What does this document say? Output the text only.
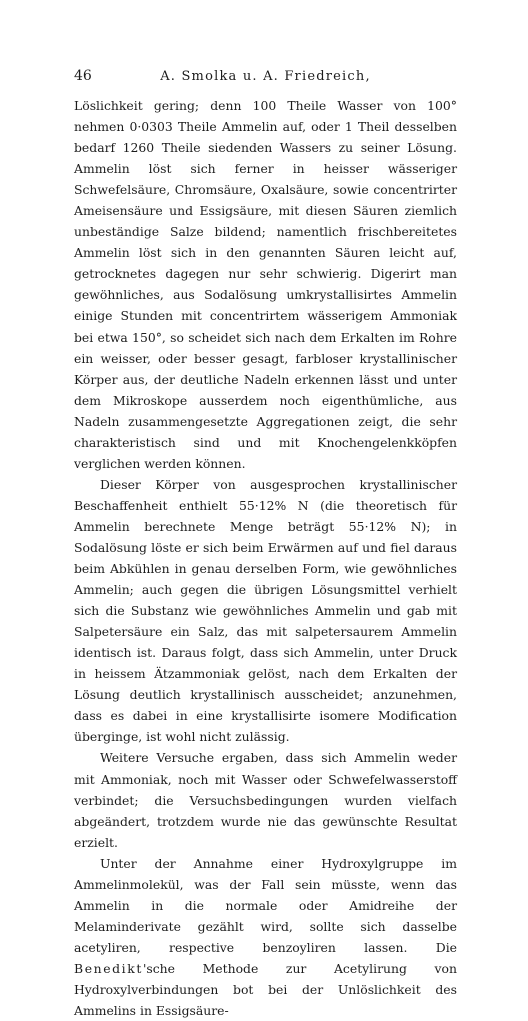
46	A. Smolka u. A. Friedreich,

Löslichkeit gering; denn 100 Theile Wasser von 100° nehmen 0·0303 Theile Ammelin auf, oder 1 Theil desselben bedarf 1260 Theile siedenden Wassers zu seiner Lösung. Ammelin löst sich ferner in heisser wässeriger Schwefelsäure, Chromsäure, Oxalsäure, sowie concentrirter Ameisensäure und Essigsäure, mit diesen Säuren ziemlich unbeständige Salze bildend; namentlich frischbereitetes Ammelin löst sich in den genannten Säuren leicht auf, getrocknetes dagegen nur sehr schwierig. Digerirt man gewöhnliches, aus Sodalösung umkrystallisirtes Ammelin einige Stunden mit concentrirtem wässerigem Ammoniak bei etwa 150°, so scheidet sich nach dem Erkalten im Rohre ein weisser, oder besser gesagt, farbloser krystallinischer Körper aus, der deutliche Nadeln erkennen lässt und unter dem Mikroskope ausserdem noch eigenthümliche, aus Nadeln zusammengesetzte Aggregationen zeigt, die sehr charakteristisch sind und mit Knochengelenkköpfen verglichen werden können.

Dieser Körper von ausgesprochen krystallinischer Beschaffenheit enthielt 55·12% N (die theoretisch für Ammelin berechnete Menge beträgt 55·12% N); in Sodalösung löste er sich beim Erwärmen auf und fiel daraus beim Abkühlen in genau derselben Form, wie gewöhnliches Ammelin; auch gegen die übrigen Lösungsmittel verhielt sich die Substanz wie gewöhnliches Ammelin und gab mit Salpetersäure ein Salz, das mit salpetersaurem Ammelin identisch ist. Daraus folgt, dass sich Ammelin, unter Druck in heissem Ätzammoniak gelöst, nach dem Erkalten der Lösung deutlich krystallinisch ausscheidet; anzunehmen, dass es dabei in eine krystallisirte isomere Modification überginge, ist wohl nicht zulässig.

Weitere Versuche ergaben, dass sich Ammelin weder mit Ammoniak, noch mit Wasser oder Schwefelwasserstoff verbindet; die Versuchsbedingungen wurden vielfach abgeändert, trotzdem wurde nie das gewünschte Resultat erzielt.

Unter der Annahme einer Hydroxylgruppe im Ammelinmolekül, was der Fall sein müsste, wenn das Ammelin in die normale oder Amidreihe der Melaminderivate gezählt wird, sollte sich dasselbe acetyliren, respective benzoyliren lassen. Die Benedikt'sche Methode zur Acetylirung von Hydroxylverbindungen bot bei der Unlöslichkeit des Ammelins in Essigsäure-
